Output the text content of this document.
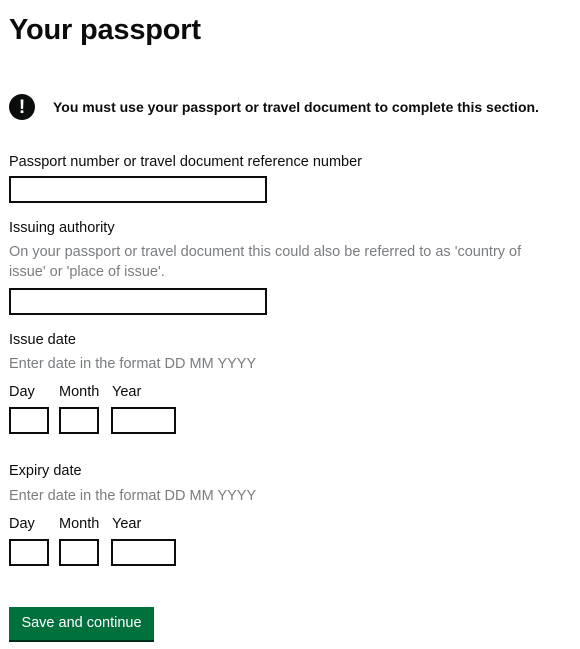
Your passport
!	You must use your passport or travel document to complete this section.
Passport number or travel document reference number
Issuing authority
On your passport or travel document this could also be referred to as 'country of
issue' or 'place of issue'.
Issue date
Enter date in the format DD MM YYYY
Day Month Year
Expiry date
Enter date in the format DD MM YYYY
Day Month Year
Save and continue
